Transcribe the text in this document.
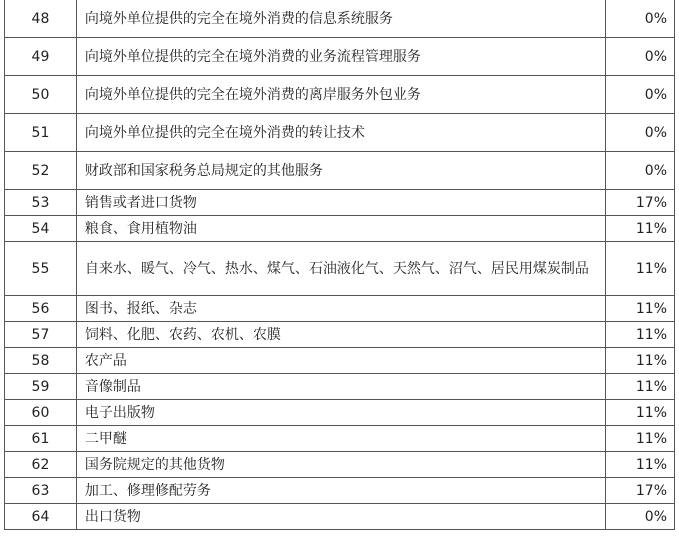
48	向境外单位提供的完全在境外消费的信息系统服务	0%
49	向境外单位提供的完全在境外消费的业务流程管理服务	0%
50	向境外单位提供的完全在境外消费的离岸服务外包业务	0%
51	向境外单位提供的完全在境外消费的转让技术	0%
52	财政部和国家税务总局规定的其他服务	0%
53	销售或者进口货物	17%
54	粮食、食用植物油	11%
55	自来水、暖气、冷气、热水、煤气、石油液化气、天然气、沼气、居民用煤炭制品	11%
56	图书、报纸、杂志	11%
57	饲料、化肥、农药、农机、农膜	11%
58	农产品	11%
59	音像制品	11%
60	电子出版物	11%
61	二甲醚	11%
62	国务院规定的其他货物	11%
63	加工、修理修配劳务	17%
64	出口货物	0%
